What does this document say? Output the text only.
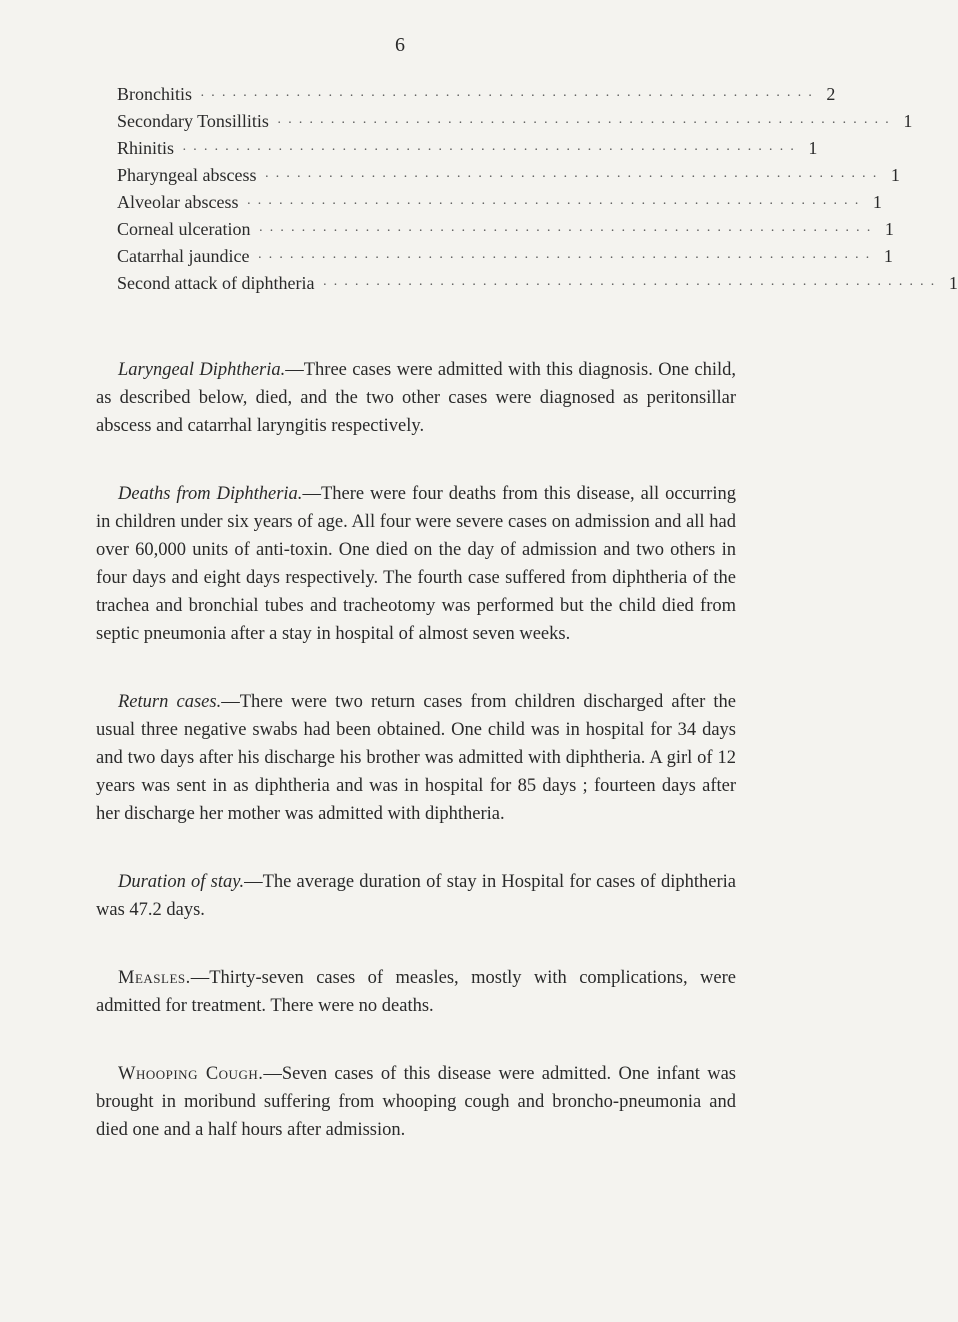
6
Bronchitis ·························································· 2
Secondary Tonsillitis ·························································· 1
Rhinitis ·························································· 1
Pharyngeal abscess ·························································· 1
Alveolar abscess ·························································· 1
Corneal ulceration ·························································· 1
Catarrhal jaundice ·························································· 1
Second attack of diphtheria ·························································· 1

Laryngeal Diphtheria.—Three cases were admitted with this diagnosis. One child, as described below, died, and the two other cases were diagnosed as peritonsillar abscess and catarrhal laryngitis respectively.

Deaths from Diphtheria.—There were four deaths from this disease, all occurring in children under six years of age. All four were severe cases on admission and all had over 60,000 units of anti-toxin. One died on the day of admission and two others in four days and eight days respectively. The fourth case suffered from diphtheria of the trachea and bronchial tubes and tracheotomy was performed but the child died from septic pneumonia after a stay in hospital of almost seven weeks.

Return cases.—There were two return cases from children discharged after the usual three negative swabs had been obtained. One child was in hospital for 34 days and two days after his discharge his brother was admitted with diphtheria. A girl of 12 years was sent in as diphtheria and was in hospital for 85 days ; fourteen days after her discharge her mother was admitted with diphtheria.

Duration of stay.—The average duration of stay in Hospital for cases of diphtheria was 47.2 days.

Measles.—Thirty-seven cases of measles, mostly with complications, were admitted for treatment. There were no deaths.

Whooping Cough.—Seven cases of this disease were admitted. One infant was brought in moribund suffering from whooping cough and broncho-pneumonia and died one and a half hours after admission.
